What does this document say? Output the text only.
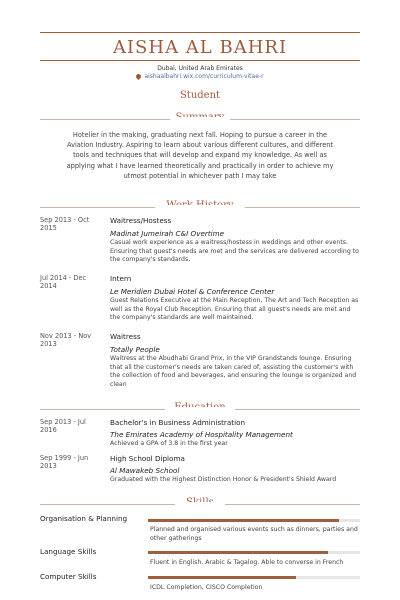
AISHA AL BAHRI
Dubai, United Arab Emirates
aishaalbahri.wix.com/curriculum-vitae-r
Student
Hotelier in the making, graduating next fall. Hoping to pursue a career in the Aviation Industry. Aspiring to learn about various different cultures, and different tools and techniques that will develop and expand my knowledge. As well as applying what I have learned theoretically and practically in order to achieve my utmost potential in whichever path I may take
Sep 2013 - Oct 2015
Waitress/Hostess
Madinat Jumeirah C&I Overtime
Casual work experience as a waitress/hostess in weddings and other events. Ensuring that guest's needs are met and the services are delivered according to the company's standards.
Jul 2014 - Dec 2014
Intern
Le Meridien Dubai Hotel & Conference Center
Guest Relations Executive at the Main Reception, The Art and Tech Reception as well as the Royal Club Reception. Ensuring that all guest's needs are met and the company's standards are well maintained.
Nov 2013 - Nov 2013
Waitress
Totally People
Waitress at the Abudhabi Grand Prix, in the VIP Grandstands lounge. Ensuring that all the customer's needs are taken cared of, assisting the customer's with the collection of food and beverages, and ensuring the lounge is organized and clean
Sep 2013 - Jul 2016
Bachelor's in Business Administration
The Emirates Academy of Hospitality Management
Achieved a GPA of 3.8 in the first year
Sep 1999 - Jun 2013
High School Diploma
Al Mawakeb School
Graduated with the Highest Distinction Honor & President's Shield Award
Organisation & Planning
Planned and organised various events such as dinners, parties and other gatherings
Language Skills
Fluent in English, Arabic & Tagalog. Able to converse in French
Computer Skills
ICDL Completion, CISCO Completion
